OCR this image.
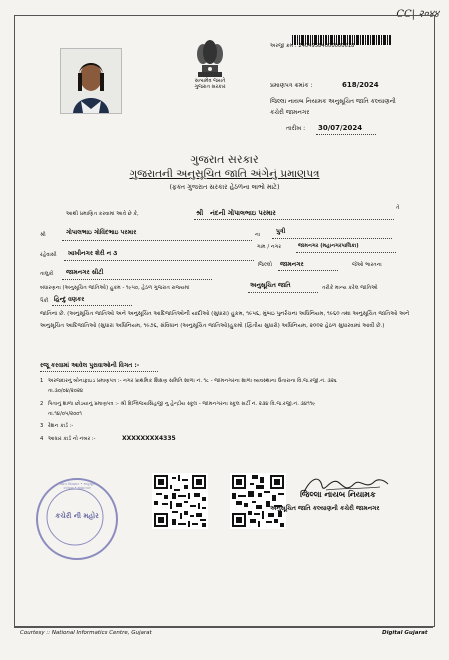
CC| २०४४
સત્યમેવ જયતે
ગુજરાત સરકાર
અરજી ક્રમ : 24049584000000618
પ્રમાણપત્ર ક્રમાંક :	618/2024
જિલ્લા નાયબ નિયામક અનુસૂચિત જાતિ કલ્યાણની
કચેરી જામનગર
તારીખ : 30/07/2024
ગુજરાત સરકાર
ગુજરાતની અનુસૂચિત જાતિ અંગેનું પ્રમાણપત્ર
(ફક્ત ગુજરાત સરકાર હેઠળના લાભો માટે)
આથી પ્રમાણિત કરવામાં આવે છે કે,	શ્રી નંદની ગોપાલભાઇ પરમાર
તે
શ્રી	ગોપાલભાઇ ગોવિંદભાઇ પરમાર	ના	પુત્રી
રહેવાસી ખાખીનગર શેરી ન ૩
ગામ / નગર	જામનગર (મહાનગરપાલિકા)
તાલુકો જામનગર સીટી
જિલ્લો જામનગર	જેઓ ભારતના
બંધારણના (અનુસૂચિત જાતિઓ) હુકમ - ૧૯૫૦, હેઠળ ગુજરાત રાજ્યમાં	અનુસૂચિત જાતિ	તરીકે માન્ય કરેલ જાતિઓ
પૈકી હિન્દુ વણકર
જાતિના છે. (અનુસૂચિત જાતિઓ અને અનુસૂચિત આદિજાતિઓની યાદીઓ (સુધારા) હુકમ, ૧૯૫૬, મુંબઇ પુનર્રચના અધિનિયમ, ૧૯૬૦ તથા અનુસૂચિત જાતિઓ અને અનુસૂચિત આદિજાતિઓ (સુધારા અધિનિયમ, ૧૯૭૬, સંવિધાન (અનુસૂચિત જાતિઓ)હુકમો (દ્વિતીય સુધારો) અધિનિયમ, ૨૦૦૨ હેઠળ સુધારવામાં આવી છે.)
રજૂ કરવામાં આવેલ પુરાવાઓની વિગત :-
1 અરજદારનું બોનાફાઇડ પ્રમાણપત્ર :- નગર પ્રાથમિક શિક્ષણ સમિતિ શાળા નં. ૧૮ - જામનગરના શાળા વ્યવસ્થાના ઉતારાના વિ.જ.રજી.નં. ૩૨૬
તા.૩૦/૦૪/૨૦૨૪
2 પિતાનું શાળા છોડયાનું પ્રમાણપત્ર :- શ્રી દિગ્વિજયસિંહજી નુ હેન્દ્રીય સ્કૂલ - જામનગરના સ્કૂલ સર્ટી નં. ૨૩૪ વિ.જ.રજી.નં. ૩૪૧૧૯
તા.૧૪/૦૫/૨૦૦૧
3 રેશન કાર્ડ :-
4 આધાર કાર્ડ નો નંબર :-	XXXXXXXX4335
જિલ્લા નાયબ નિયામક • અનુસૂચિત જાતિ કલ્યાણ • જામનગર
કચેરી ની મહોર
જિલ્લા નાયબ નિયામક
અનુસૂચિત જાતિ કલ્યાણની કચેરી જામનગર
Courtesy :: National Informatics Centre, Gujarat	Digital Gujarat
